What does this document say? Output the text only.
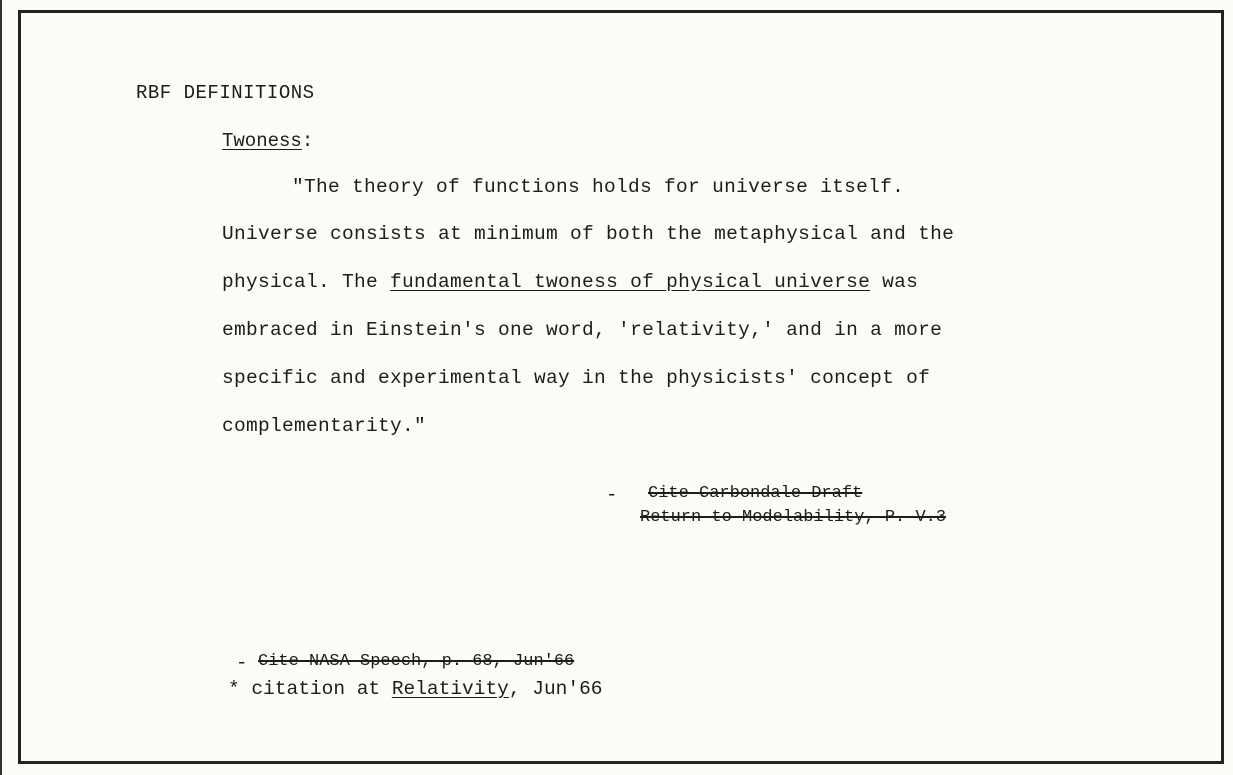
RBF DEFINITIONS
Twoness:
"The theory of functions holds for universe itself.
Universe consists at minimum of both the metaphysical and the
physical. The fundamental twoness of physical universe was
embraced in Einstein's one word, 'relativity,' and in a more
specific and experimental way in the physicists' concept of
complementarity."
- Cite Carbondale Draft
Return to Modelability, P. V.3
- Cite NASA Speech, p. 68, Jun'66
* citation at Relativity, Jun'66
